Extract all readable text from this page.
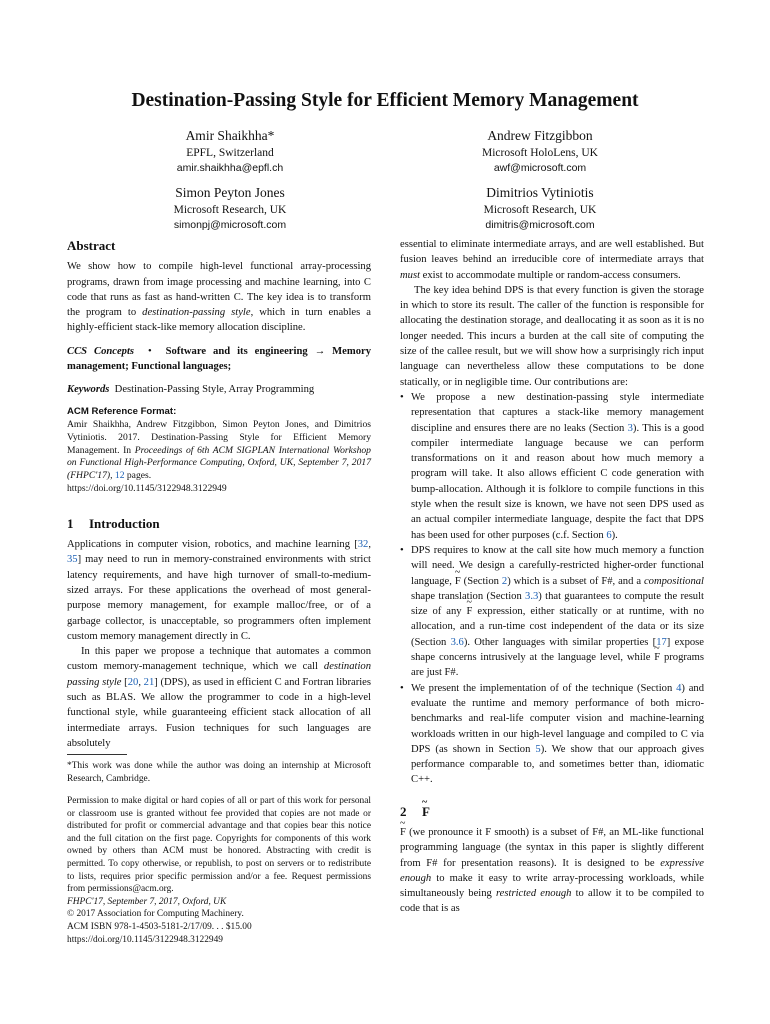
Destination-Passing Style for Efficient Memory Management
Amir Shaikhha*
EPFL, Switzerland
amir.shaikhha@epfl.ch
Andrew Fitzgibbon
Microsoft HoloLens, UK
awf@microsoft.com
Simon Peyton Jones
Microsoft Research, UK
simonpj@microsoft.com
Dimitrios Vytiniotis
Microsoft Research, UK
dimitris@microsoft.com
Abstract

We show how to compile high-level functional array-processing programs, drawn from image processing and machine learning, into C code that runs as fast as hand-written C. The key idea is to transform the program to destination-passing style, which in turn enables a highly-efficient stack-like memory allocation discipline.

CCS Concepts • Software and its engineering → Memory management; Functional languages;

Keywords Destination-Passing Style, Array Programming

ACM Reference Format:

Amir Shaikhha, Andrew Fitzgibbon, Simon Peyton Jones, and Dimitrios Vytiniotis. 2017. Destination-Passing Style for Efficient Memory Management. In Proceedings of 6th ACM SIGPLAN International Workshop on Functional High-Performance Computing, Oxford, UK, September 7, 2017 (FHPC'17), 12 pages.
https://doi.org/10.1145/3122948.3122949

1 Introduction

Applications in computer vision, robotics, and machine learning [32, 35] may need to run in memory-constrained environments with strict latency requirements, and have high turnover of small-to-medium-sized arrays. For these applications the overhead of most general-purpose memory management, for example malloc/free, or of a garbage collector, is unacceptable, so programmers often implement custom memory management directly in C.

In this paper we propose a technique that automates a common custom memory-management technique, which we call destination passing style [20, 21] (DPS), as used in efficient C and Fortran libraries such as BLAS. We allow the programmer to code in a high-level functional style, while guaranteeing efficient stack allocation of all intermediate arrays. Fusion techniques for such languages are absolutely

*This work was done while the author was doing an internship at Microsoft Research, Cambridge.

Permission to make digital or hard copies of all or part of this work for personal or classroom use is granted without fee provided that copies are not made or distributed for profit or commercial advantage and that copies bear this notice and the full citation on the first page. Copyrights for components of this work owned by others than ACM must be honored. Abstracting with credit is permitted. To copy otherwise, or republish, to post on servers or to redistribute to lists, requires prior specific permission and/or a fee. Request permissions from permissions@acm.org.

FHPC'17, September 7, 2017, Oxford, UK

© 2017 Association for Computing Machinery.

ACM ISBN 978-1-4503-5181-2/17/09. . . $15.00

https://doi.org/10.1145/3122948.3122949

essential to eliminate intermediate arrays, and are well established. But fusion leaves behind an irreducible core of intermediate arrays that must exist to accommodate multiple or random-access consumers.

The key idea behind DPS is that every function is given the storage in which to store its result. The caller of the function is responsible for allocating the destination storage, and deallocating it as soon as it is no longer needed. This incurs a burden at the call site of computing the size of the callee result, but we will show how a surprisingly rich input language can nevertheless allow these computations to be done statically, or in negligible time. Our contributions are:

• We propose a new destination-passing style intermediate representation that captures a stack-like memory management discipline and ensures there are no leaks (Section 3). This is a good compiler intermediate language because we can perform transformations on it and reason about how much memory a program will take. It also allows efficient C code generation with bump-allocation. Although it is folklore to compile functions in this style when the result size is known, we have not seen DPS used as an actual compiler intermediate language, despite the fact that DPS has been used for other purposes (c.f. Section 6).
• DPS requires to know at the call site how much memory a function will need. We design a carefully-restricted higher-order functional language, ~ F (Section 2) which is a subset of F#, and a compositional shape translation (Section 3.3) that guarantees to compute the result size of any ~ F expression, either statically or at runtime, with no allocation, and a run-time cost independent of the data or its size (Section 3.6). Other languages with similar properties [17] expose shape concerns intrusively at the language level, while ~ F programs are just F#.
• We present the implementation of of the technique (Section 4) and evaluate the runtime and memory performance of both micro-benchmarks and real-life computer vision and machine-learning workloads written in our high-level language and compiled to C via DPS (as shown in Section 5). We show that our approach gives performance comparable to, and sometimes better than, idiomatic C++.
2 ~ F

~ F (we pronounce it F smooth) is a subset of F#, an ML-like functional programming language (the syntax in this paper is slightly different from F# for presentation reasons). It is designed to be expressive enough to make it easy to write array-processing workloads, while simultaneously being restricted enough to allow it to be compiled to code that is as
